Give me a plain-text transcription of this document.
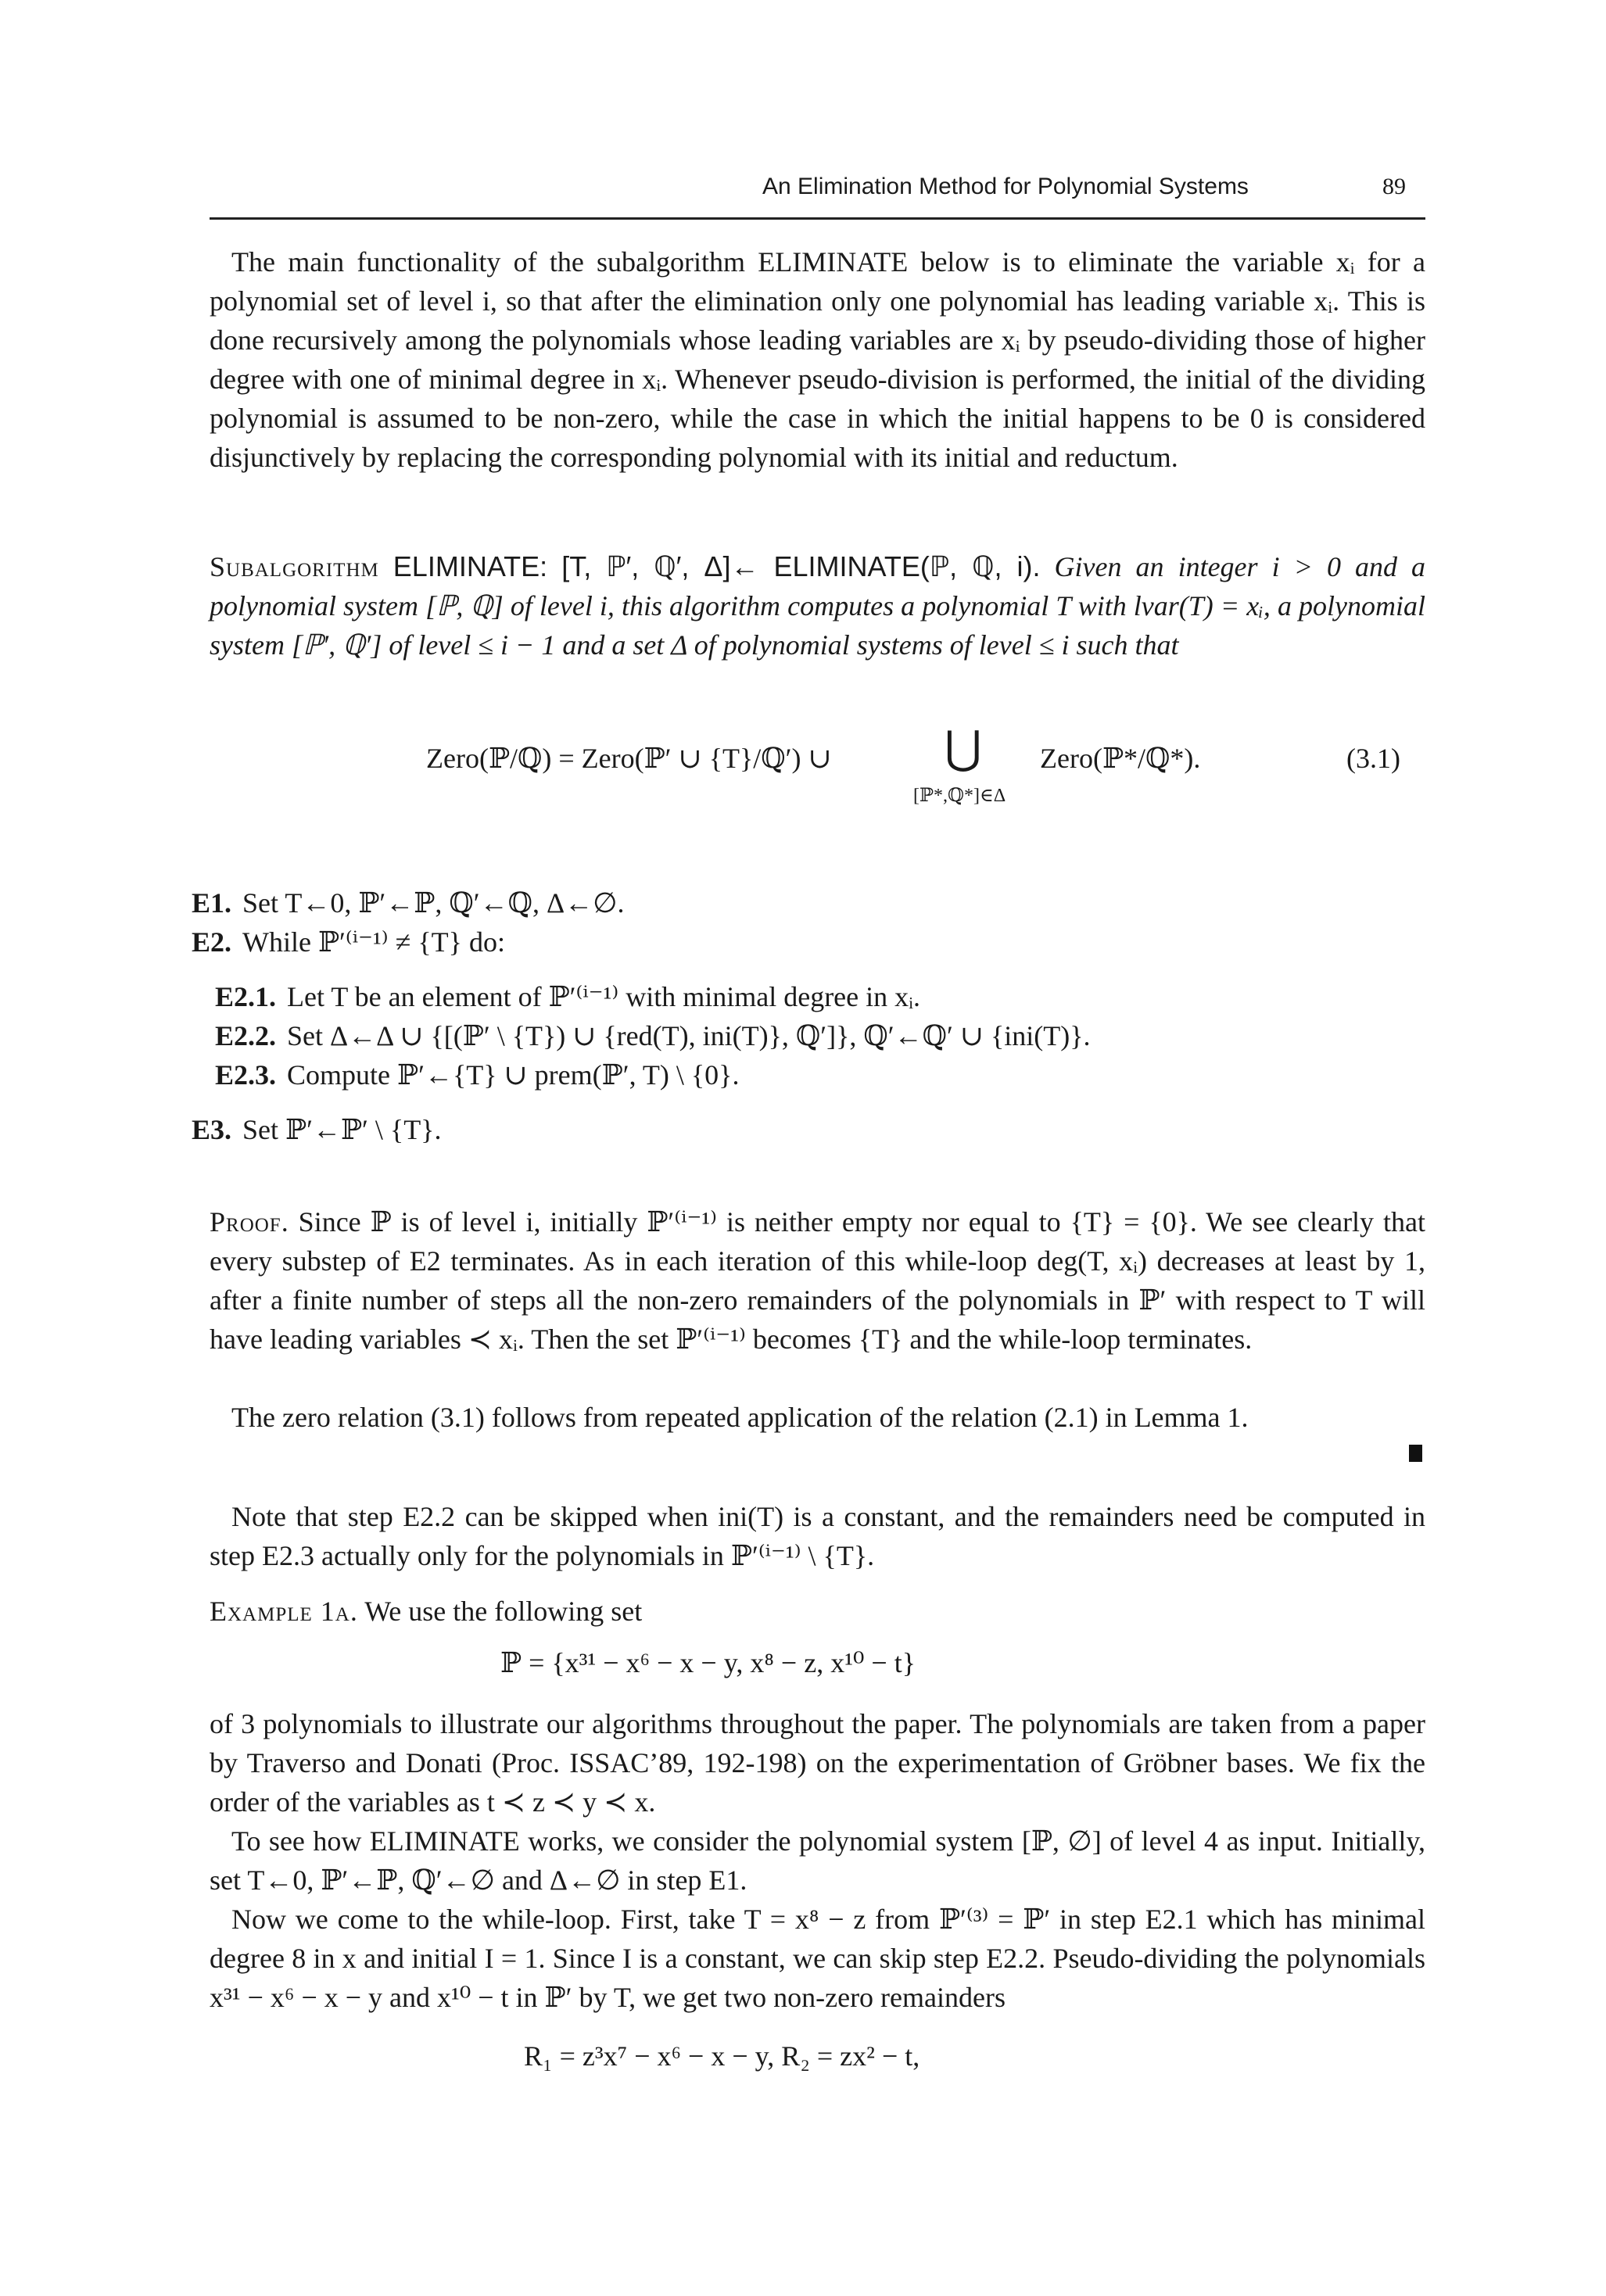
An Elimination Method for Polynomial Systems	89

The main functionality of the subalgorithm ELIMINATE below is to eliminate the variable xᵢ for a polynomial set of level i, so that after the elimination only one polynomial has leading variable xᵢ. This is done recursively among the polynomials whose leading variables are xᵢ by pseudo-dividing those of higher degree with one of minimal degree in xᵢ. Whenever pseudo-division is performed, the initial of the dividing polynomial is assumed to be non-zero, while the case in which the initial happens to be 0 is considered disjunctively by replacing the corresponding polynomial with its initial and reductum.

Subalgorithm ELIMINATE: [T, ℙ′, ℚ′, Δ]← ELIMINATE(ℙ, ℚ, i). Given an integer i > 0 and a polynomial system [ℙ, ℚ] of level i, this algorithm computes a polynomial T with lvar(T) = xᵢ, a polynomial system [ℙ′, ℚ′] of level ≤ i − 1 and a set Δ of polynomial systems of level ≤ i such that

Zero(ℙ/ℚ) = Zero(ℙ′ ∪ {T}/ℚ′) ∪ ⋃
[ℙ*,ℚ*]∈Δ
Zero(ℙ*/ℚ*).	(3.1)
E1. Set T←0, ℙ′←ℙ, ℚ′←ℚ, Δ←∅.
E2. While ℙ′⁽ⁱ⁻¹⁾ ≠ {T} do:
E2.1. Let T be an element of ℙ′⁽ⁱ⁻¹⁾ with minimal degree in xᵢ.
E2.2. Set Δ←Δ ∪ {[(ℙ′ \ {T}) ∪ {red(T), ini(T)}, ℚ′]}, ℚ′←ℚ′ ∪ {ini(T)}.
E2.3. Compute ℙ′←{T} ∪ prem(ℙ′, T) \ {0}.
E3. Set ℙ′←ℙ′ \ {T}.

Proof. Since ℙ is of level i, initially ℙ′⁽ⁱ⁻¹⁾ is neither empty nor equal to {T} = {0}. We see clearly that every substep of E2 terminates. As in each iteration of this while-loop deg(T, xᵢ) decreases at least by 1, after a finite number of steps all the non-zero remainders of the polynomials in ℙ′ with respect to T will have leading variables ≺ xᵢ. Then the set ℙ′⁽ⁱ⁻¹⁾ becomes {T} and the while-loop terminates.

The zero relation (3.1) follows from repeated application of the relation (2.1) in Lemma 1.

Note that step E2.2 can be skipped when ini(T) is a constant, and the remainders need be computed in step E2.3 actually only for the polynomials in ℙ′⁽ⁱ⁻¹⁾ \ {T}.

Example 1a. We use the following set

ℙ = {x³¹ − x⁶ − x − y, x⁸ − z, x¹⁰ − t}

of 3 polynomials to illustrate our algorithms throughout the paper. The polynomials are taken from a paper by Traverso and Donati (Proc. ISSAC’89, 192-198) on the experimentation of Gröbner bases. We fix the order of the variables as t ≺ z ≺ y ≺ x.

To see how ELIMINATE works, we consider the polynomial system [ℙ, ∅] of level 4 as input. Initially, set T←0, ℙ′←ℙ, ℚ′←∅ and Δ←∅ in step E1.

Now we come to the while-loop. First, take T = x⁸ − z from ℙ′⁽³⁾ = ℙ′ in step E2.1 which has minimal degree 8 in x and initial I = 1. Since I is a constant, we can skip step E2.2. Pseudo-dividing the polynomials x³¹ − x⁶ − x − y and x¹⁰ − t in ℙ′ by T, we get two non-zero remainders

R₁ = z³x⁷ − x⁶ − x − y, R₂ = zx² − t,
